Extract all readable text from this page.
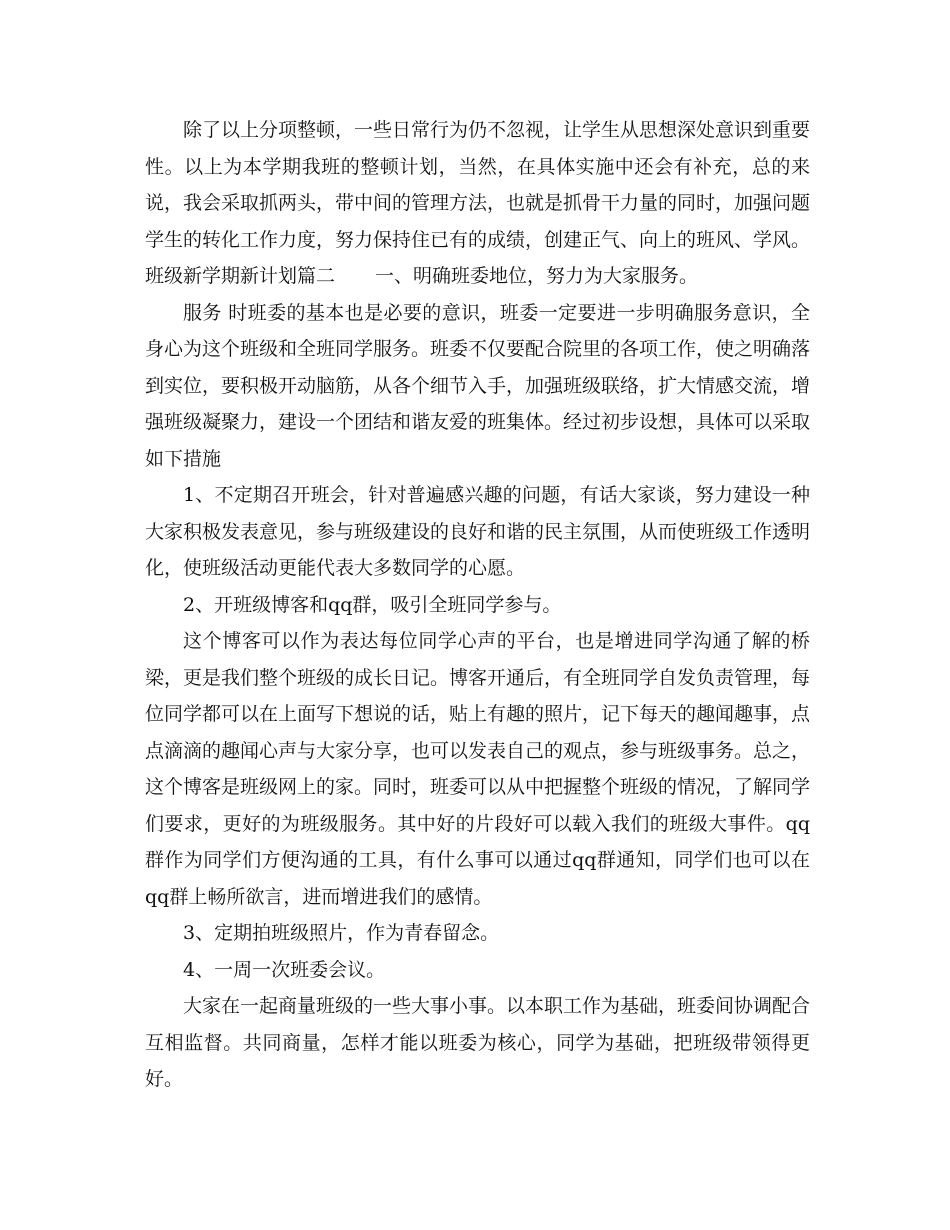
除了以上分项整顿，一些日常行为仍不忽视，让学生从思想深处意识到重要性。以上为本学期我班的整顿计划，当然，在具体实施中还会有补充，总的来说，我会采取抓两头，带中间的管理方法，也就是抓骨干力量的同时，加强问题学生的转化工作力度，努力保持住已有的成绩，创建正气、向上的班风、学风。

班级新学期新计划篇二 一、明确班委地位，努力为大家服务。

服务 时班委的基本也是必要的意识，班委一定要进一步明确服务意识，全身心为这个班级和全班同学服务。班委不仅要配合院里的各项工作，使之明确落到实位，要积极开动脑筋，从各个细节入手，加强班级联络，扩大情感交流，增强班级凝聚力，建设一个团结和谐友爱的班集体。经过初步设想，具体可以采取如下措施

1、不定期召开班会，针对普遍感兴趣的问题，有话大家谈，努力建设一种大家积极发表意见，参与班级建设的良好和谐的民主氛围，从而使班级工作透明化，使班级活动更能代表大多数同学的心愿。

2、开班级博客和qq群，吸引全班同学参与。

这个博客可以作为表达每位同学心声的平台，也是增进同学沟通了解的桥梁，更是我们整个班级的成长日记。博客开通后，有全班同学自发负责管理，每位同学都可以在上面写下想说的话，贴上有趣的照片，记下每天的趣闻趣事，点点滴滴的趣闻心声与大家分享，也可以发表自己的观点，参与班级事务。总之，这个博客是班级网上的家。同时，班委可以从中把握整个班级的情况，了解同学们要求，更好的为班级服务。其中好的片段好可以载入我们的班级大事件。qq群作为同学们方便沟通的工具，有什么事可以通过qq群通知，同学们也可以在qq群上畅所欲言，进而增进我们的感情。

3、定期拍班级照片，作为青春留念。

4、一周一次班委会议。

大家在一起商量班级的一些大事小事。以本职工作为基础，班委间协调配合互相监督。共同商量，怎样才能以班委为核心，同学为基础，把班级带领得更好。
